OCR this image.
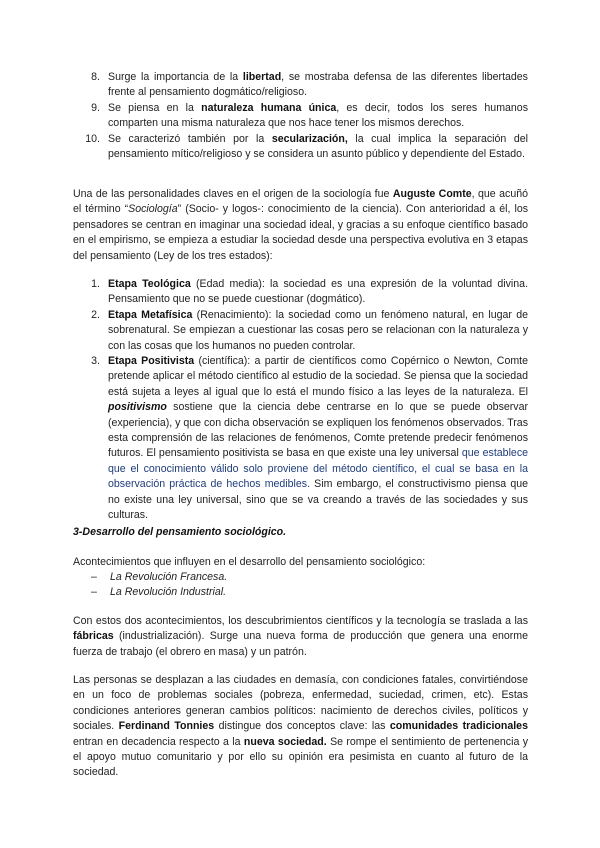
8. Surge la importancia de la libertad, se mostraba defensa de las diferentes libertades frente al pensamiento dogmático/religioso.
9. Se piensa en la naturaleza humana única, es decir, todos los seres humanos comparten una misma naturaleza que nos hace tener los mismos derechos.
10. Se caracterizó también por la secularización, la cual implica la separación del pensamiento mítico/religioso y se considera un asunto público y dependiente del Estado.

Una de las personalidades claves en el origen de la sociología fue Auguste Comte, que acuñó el término “Sociología” (Socio- y logos-: conocimiento de la ciencia). Con anterioridad a él, los pensadores se centran en imaginar una sociedad ideal, y gracias a su enfoque científico basado en el empirismo, se empieza a estudiar la sociedad desde una perspectiva evolutiva en 3 etapas del pensamiento (Ley de los tres estados):

1. Etapa Teológica (Edad media): la sociedad es una expresión de la voluntad divina. Pensamiento que no se puede cuestionar (dogmático).
2. Etapa Metafísica (Renacimiento): la sociedad como un fenómeno natural, en lugar de sobrenatural. Se empiezan a cuestionar las cosas pero se relacionan con la naturaleza y con las cosas que los humanos no pueden controlar.
3. Etapa Positivista (científica): a partir de científicos como Copérnico o Newton, Comte pretende aplicar el método científico al estudio de la sociedad. Se piensa que la sociedad está sujeta a leyes al igual que lo está el mundo físico a las leyes de la naturaleza. El positivismo sostiene que la ciencia debe centrarse en lo que se puede observar (experiencia), y que con dicha observación se expliquen los fenómenos observados. Tras esta comprensión de las relaciones de fenómenos, Comte pretende predecir fenómenos futuros. El pensamiento positivista se basa en que existe una ley universal que establece que el conocimiento válido solo proviene del método científico, el cual se basa en la observación práctica de hechos medibles. Sim embargo, el constructivismo piensa que no existe una ley universal, sino que se va creando a través de las sociedades y sus culturas.
3-Desarrollo del pensamiento sociológico.

Acontecimientos que influyen en el desarrollo del pensamiento sociológico:

– La Revolución Francesa.
– La Revolución Industrial.

Con estos dos acontecimientos, los descubrimientos científicos y la tecnología se traslada a las fábricas (industrialización). Surge una nueva forma de producción que genera una enorme fuerza de trabajo (el obrero en masa) y un patrón.

Las personas se desplazan a las ciudades en demasía, con condiciones fatales, convirtiéndose en un foco de problemas sociales (pobreza, enfermedad, suciedad, crimen, etc). Estas condiciones anteriores generan cambios políticos: nacimiento de derechos civiles, políticos y sociales. Ferdinand Tonnies distingue dos conceptos clave: las comunidades tradicionales entran en decadencia respecto a la nueva sociedad. Se rompe el sentimiento de pertenencia y el apoyo mutuo comunitario y por ello su opinión era pesimista en cuanto al futuro de la sociedad.
